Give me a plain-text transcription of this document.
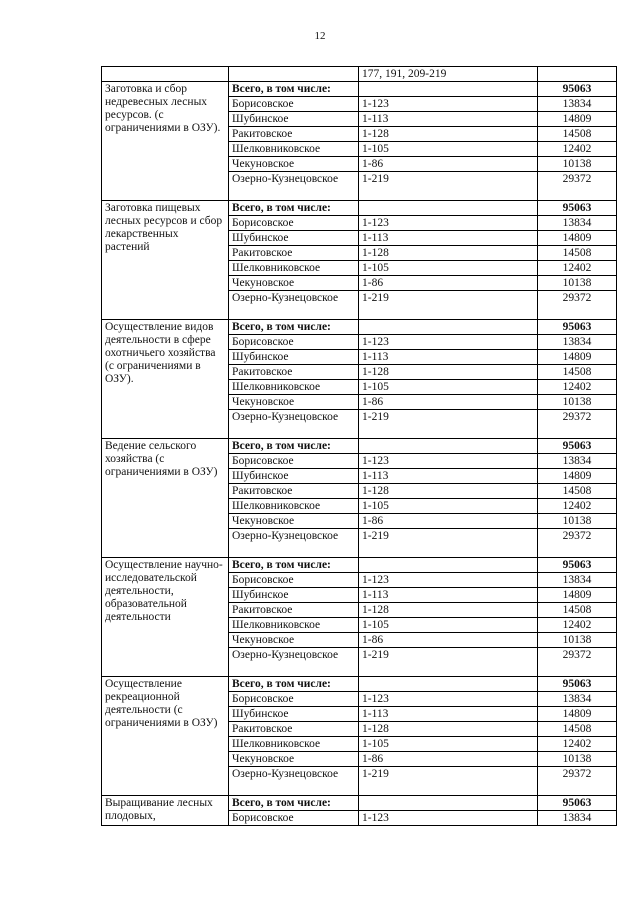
12
		177, 191, 209-219	
Заготовка и сбор недревесных лесных ресурсов. (с ограничениями в ОЗУ).	Всего, в том числе:		95063
	Борисовское	1-123	13834
	Шубинское	1-113	14809
	Ракитовское	1-128	14508
	Шелковниковское	1-105	12402
	Чекуновское	1-86	10138
	Озерно-Кузнецовское	1-219	29372
Заготовка пищевых лесных ресурсов и сбор лекарственных растений	Всего, в том числе:		95063
	Борисовское	1-123	13834
	Шубинское	1-113	14809
	Ракитовское	1-128	14508
	Шелковниковское	1-105	12402
	Чекуновское	1-86	10138
	Озерно-Кузнецовское	1-219	29372
Осуществление видов деятельности в сфере охотничьего хозяйства (с ограничениями в ОЗУ).	Всего, в том числе:		95063
	Борисовское	1-123	13834
	Шубинское	1-113	14809
	Ракитовское	1-128	14508
	Шелковниковское	1-105	12402
	Чекуновское	1-86	10138
	Озерно-Кузнецовское	1-219	29372
Ведение сельского хозяйства (с ограничениями в ОЗУ)	Всего, в том числе:		95063
	Борисовское	1-123	13834
	Шубинское	1-113	14809
	Ракитовское	1-128	14508
	Шелковниковское	1-105	12402
	Чекуновское	1-86	10138
	Озерно-Кузнецовское	1-219	29372
Осуществление научно-исследовательской деятельности, образовательной деятельности	Всего, в том числе:		95063
	Борисовское	1-123	13834
	Шубинское	1-113	14809
	Ракитовское	1-128	14508
	Шелковниковское	1-105	12402
	Чекуновское	1-86	10138
	Озерно-Кузнецовское	1-219	29372
Осуществление рекреационной деятельности (с ограничениями в ОЗУ)	Всего, в том числе:		95063
	Борисовское	1-123	13834
	Шубинское	1-113	14809
	Ракитовское	1-128	14508
	Шелковниковское	1-105	12402
	Чекуновское	1-86	10138
	Озерно-Кузнецовское	1-219	29372
Выращивание лесных плодовых,	Всего, в том числе:		95063
	Борисовское	1-123	13834
